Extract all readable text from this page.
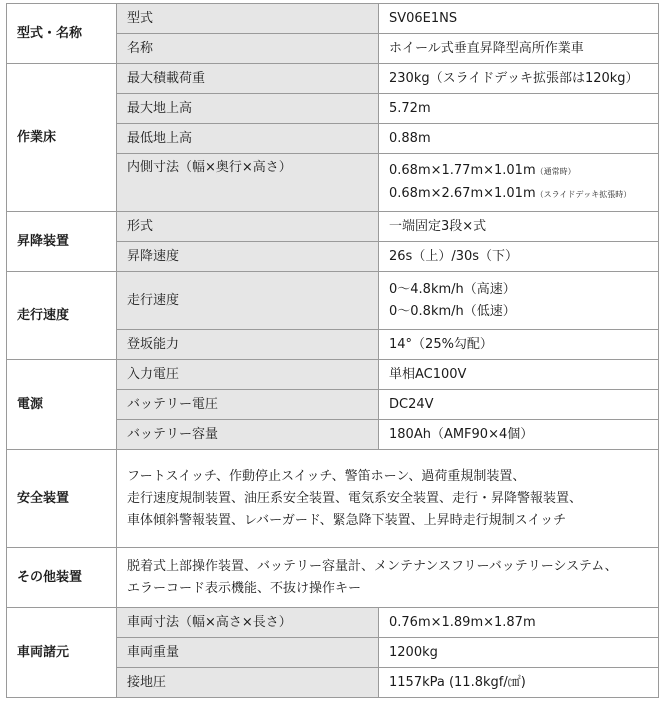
型式・名称	型式	SV06E1NS
	名称	ホイール式垂直昇降型高所作業車
作業床	最大積載荷重	230kg（スライドデッキ拡張部は120kg）
	最大地上高	5.72m
	最低地上高	0.88m
	内側寸法（幅×奥行×高さ）	0.68m×1.77m×1.01m（通常時）
0.68m×2.67m×1.01m（スライドデッキ拡張時）

昇降装置	形式	一端固定3段×式
	昇降速度	26s（上）/30s（下）
走行速度	走行速度	0〜4.8km/h（高速）
0〜0.8km/h（低速）

	登坂能力	14°（25%勾配）
電源	入力電圧	単相AC100V
	バッテリー電圧	DC24V
	バッテリー容量	180Ah（AMF90×4個）
安全装置	フートスイッチ、作動停止スイッチ、警笛ホーン、過荷重規制装置、
走行速度規制装置、油圧系安全装置、電気系安全装置、走行・昇降警報装置、
車体傾斜警報装置、レバーガード、緊急降下装置、上昇時走行規制スイッチ	

その他装置	脱着式上部操作装置、バッテリー容量計、メンテナンスフリーバッテリーシステム、
エラーコード表示機能、不抜け操作キー	

車両諸元	車両寸法（幅×高さ×長さ）	0.76m×1.89m×1.87m
	車両重量	1200kg
	接地圧	1157kPa (11.8kgf/㎠)
